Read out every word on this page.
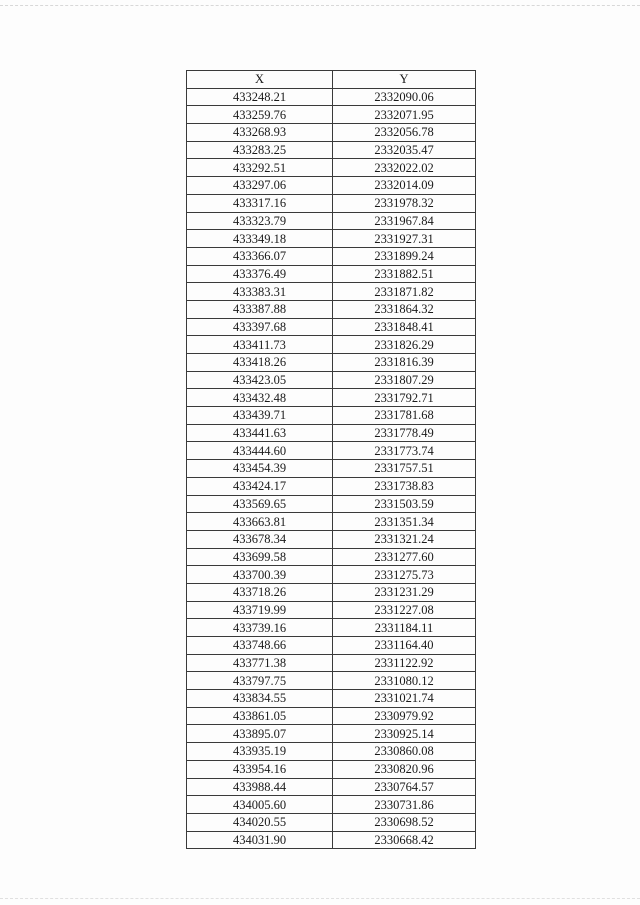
X	Y
433248.21	2332090.06
433259.76	2332071.95
433268.93	2332056.78
433283.25	2332035.47
433292.51	2332022.02
433297.06	2332014.09
433317.16	2331978.32
433323.79	2331967.84
433349.18	2331927.31
433366.07	2331899.24
433376.49	2331882.51
433383.31	2331871.82
433387.88	2331864.32
433397.68	2331848.41
433411.73	2331826.29
433418.26	2331816.39
433423.05	2331807.29
433432.48	2331792.71
433439.71	2331781.68
433441.63	2331778.49
433444.60	2331773.74
433454.39	2331757.51
433424.17	2331738.83
433569.65	2331503.59
433663.81	2331351.34
433678.34	2331321.24
433699.58	2331277.60
433700.39	2331275.73
433718.26	2331231.29
433719.99	2331227.08
433739.16	2331184.11
433748.66	2331164.40
433771.38	2331122.92
433797.75	2331080.12
433834.55	2331021.74
433861.05	2330979.92
433895.07	2330925.14
433935.19	2330860.08
433954.16	2330820.96
433988.44	2330764.57
434005.60	2330731.86
434020.55	2330698.52
434031.90	2330668.42
